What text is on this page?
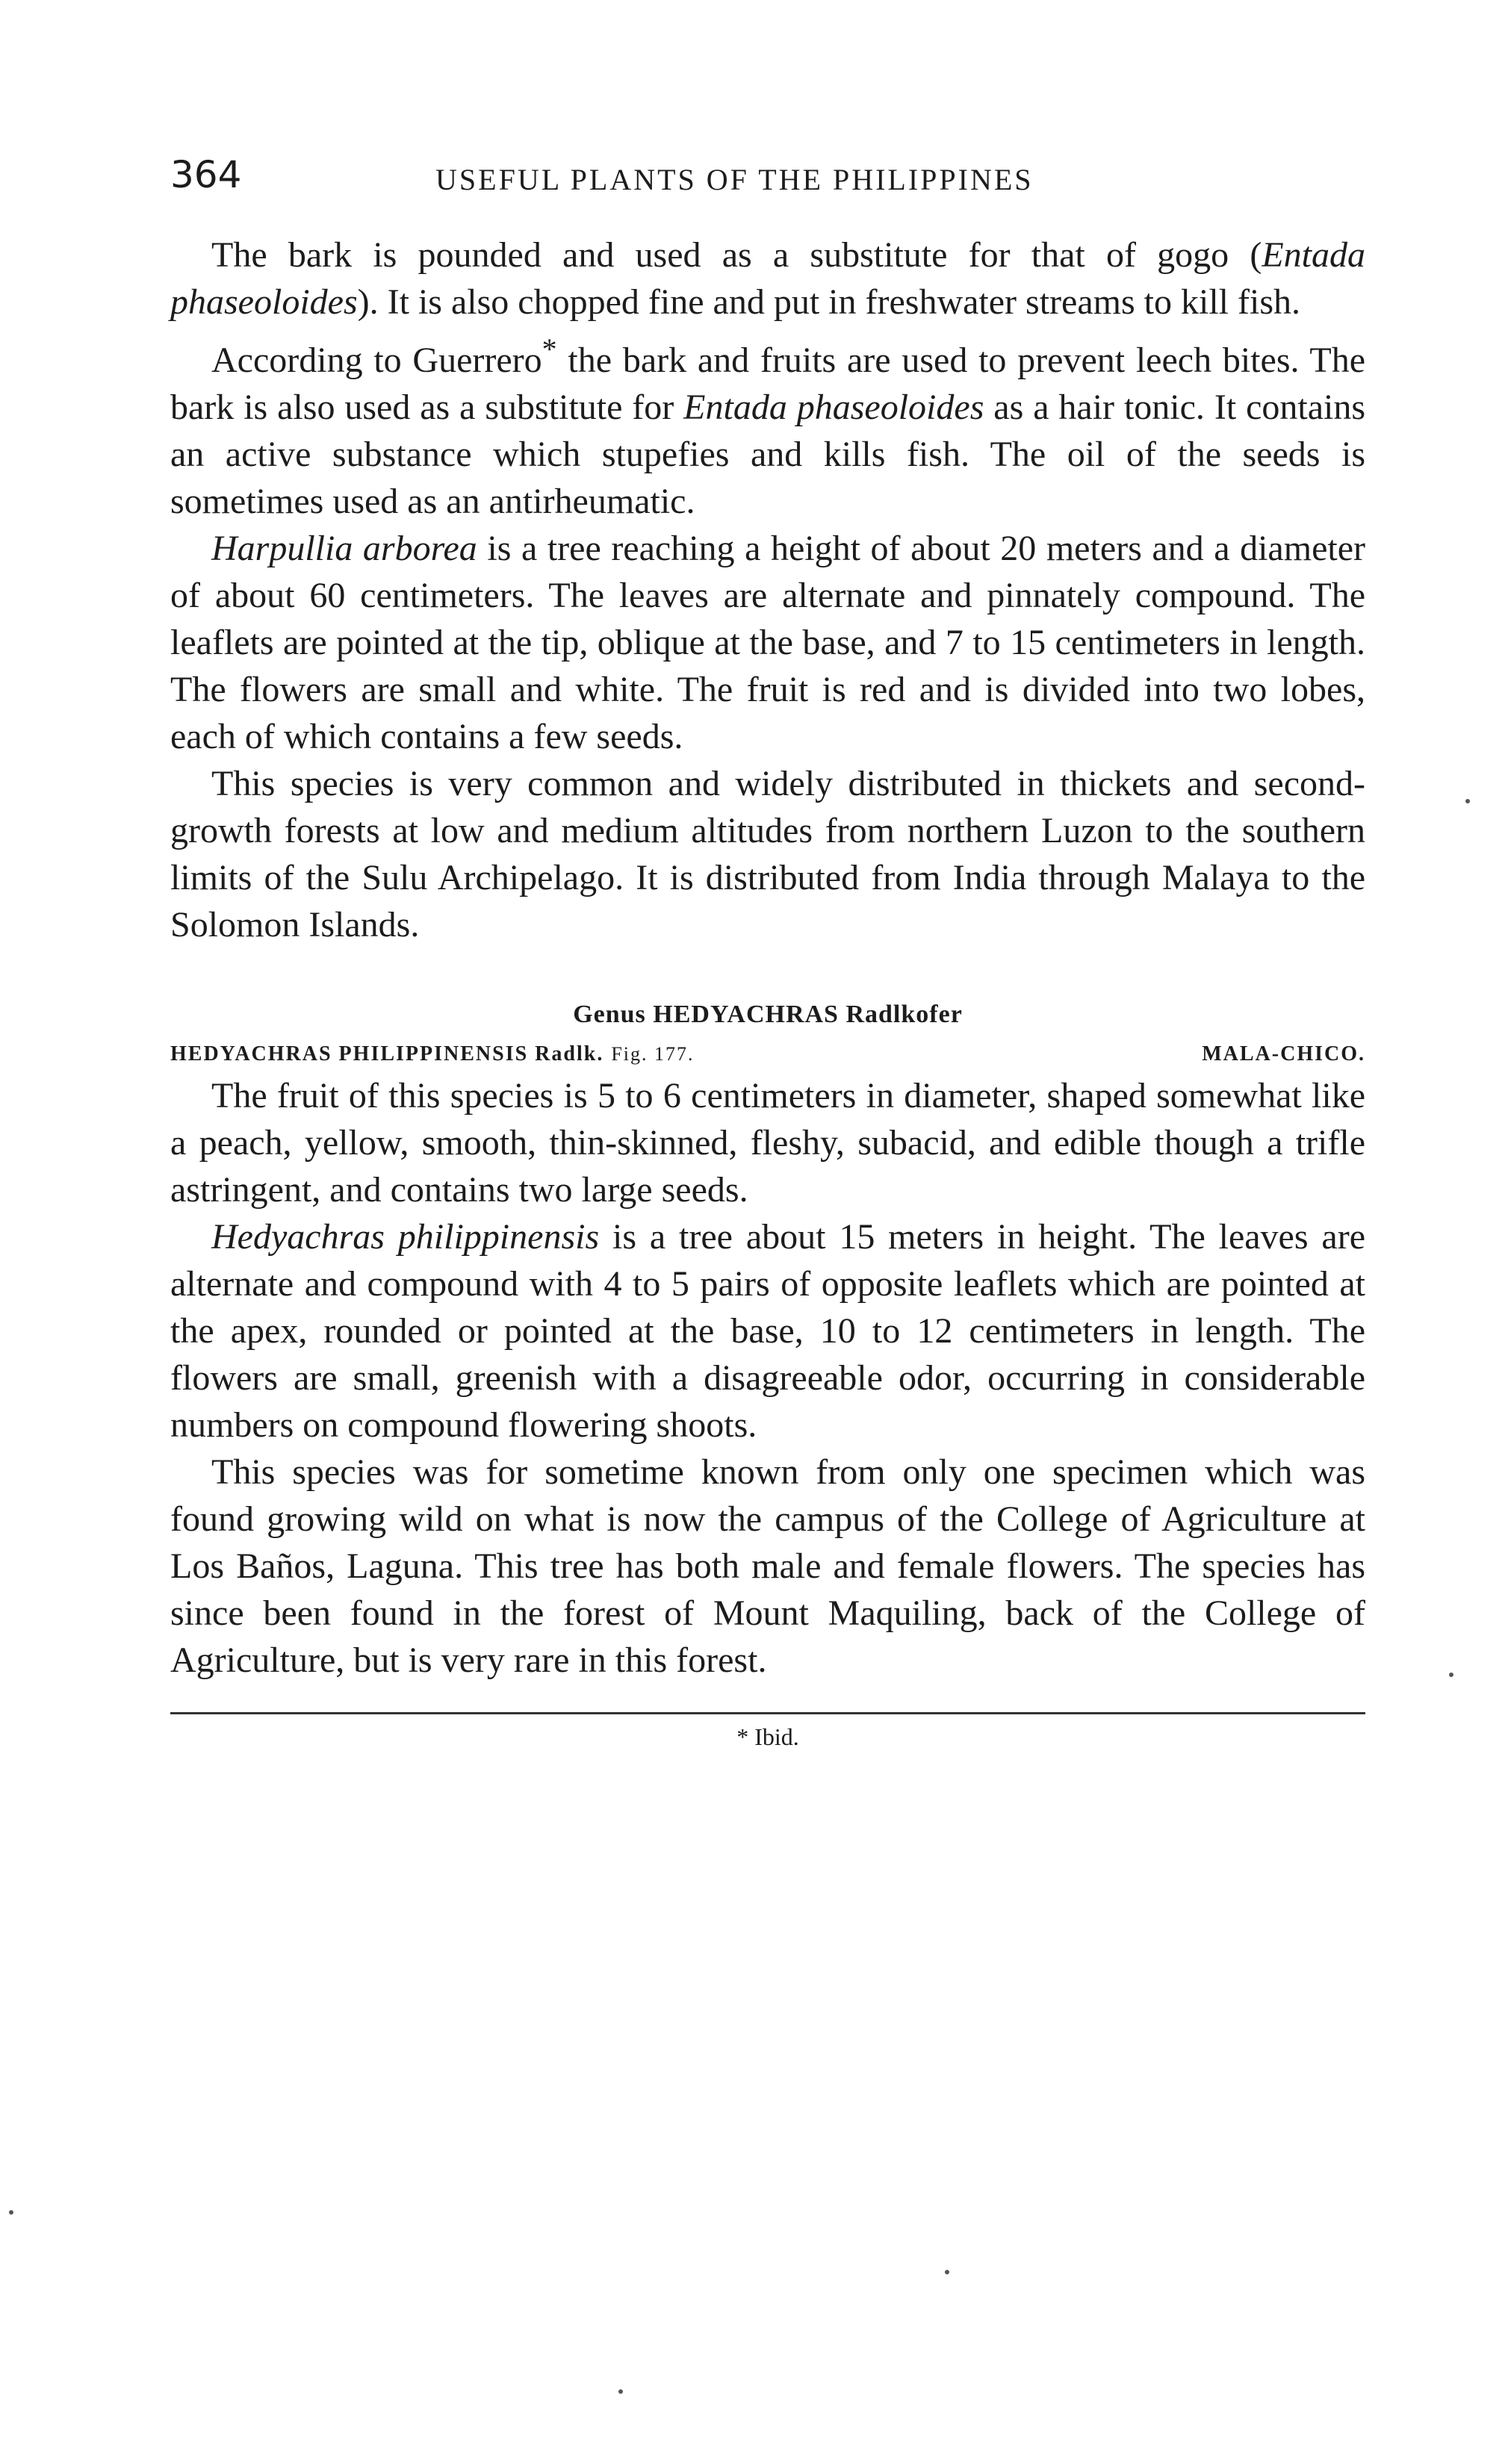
364	USEFUL PLANTS OF THE PHILIPPINES

The bark is pounded and used as a substitute for that of gogo (Entada phaseoloides). It is also chopped fine and put in freshwater streams to kill fish.

According to Guerrero* the bark and fruits are used to prevent leech bites. The bark is also used as a substitute for Entada phaseoloides as a hair tonic. It contains an active substance which stupefies and kills fish. The oil of the seeds is sometimes used as an antirheumatic.

Harpullia arborea is a tree reaching a height of about 20 meters and a diameter of about 60 centimeters. The leaves are alternate and pinnately compound. The leaflets are pointed at the tip, oblique at the base, and 7 to 15 centimeters in length. The flowers are small and white. The fruit is red and is divided into two lobes, each of which contains a few seeds.

This species is very common and widely distributed in thickets and second-growth forests at low and medium altitudes from northern Luzon to the southern limits of the Sulu Archipelago. It is distributed from India through Malaya to the Solomon Islands.

Genus HEDYACHRAS Radlkofer
HEDYACHRAS PHILIPPINENSIS Radlk. Fig. 177.	MALA-CHICO.

The fruit of this species is 5 to 6 centimeters in diameter, shaped somewhat like a peach, yellow, smooth, thin-skinned, fleshy, subacid, and edible though a trifle astringent, and contains two large seeds.

Hedyachras philippinensis is a tree about 15 meters in height. The leaves are alternate and compound with 4 to 5 pairs of opposite leaflets which are pointed at the apex, rounded or pointed at the base, 10 to 12 centimeters in length. The flowers are small, greenish with a disagreeable odor, occurring in considerable numbers on compound flowering shoots.

This species was for sometime known from only one specimen which was found growing wild on what is now the campus of the College of Agriculture at Los Baños, Laguna. This tree has both male and female flowers. The species has since been found in the forest of Mount Maquiling, back of the College of Agriculture, but is very rare in this forest.

* Ibid.
